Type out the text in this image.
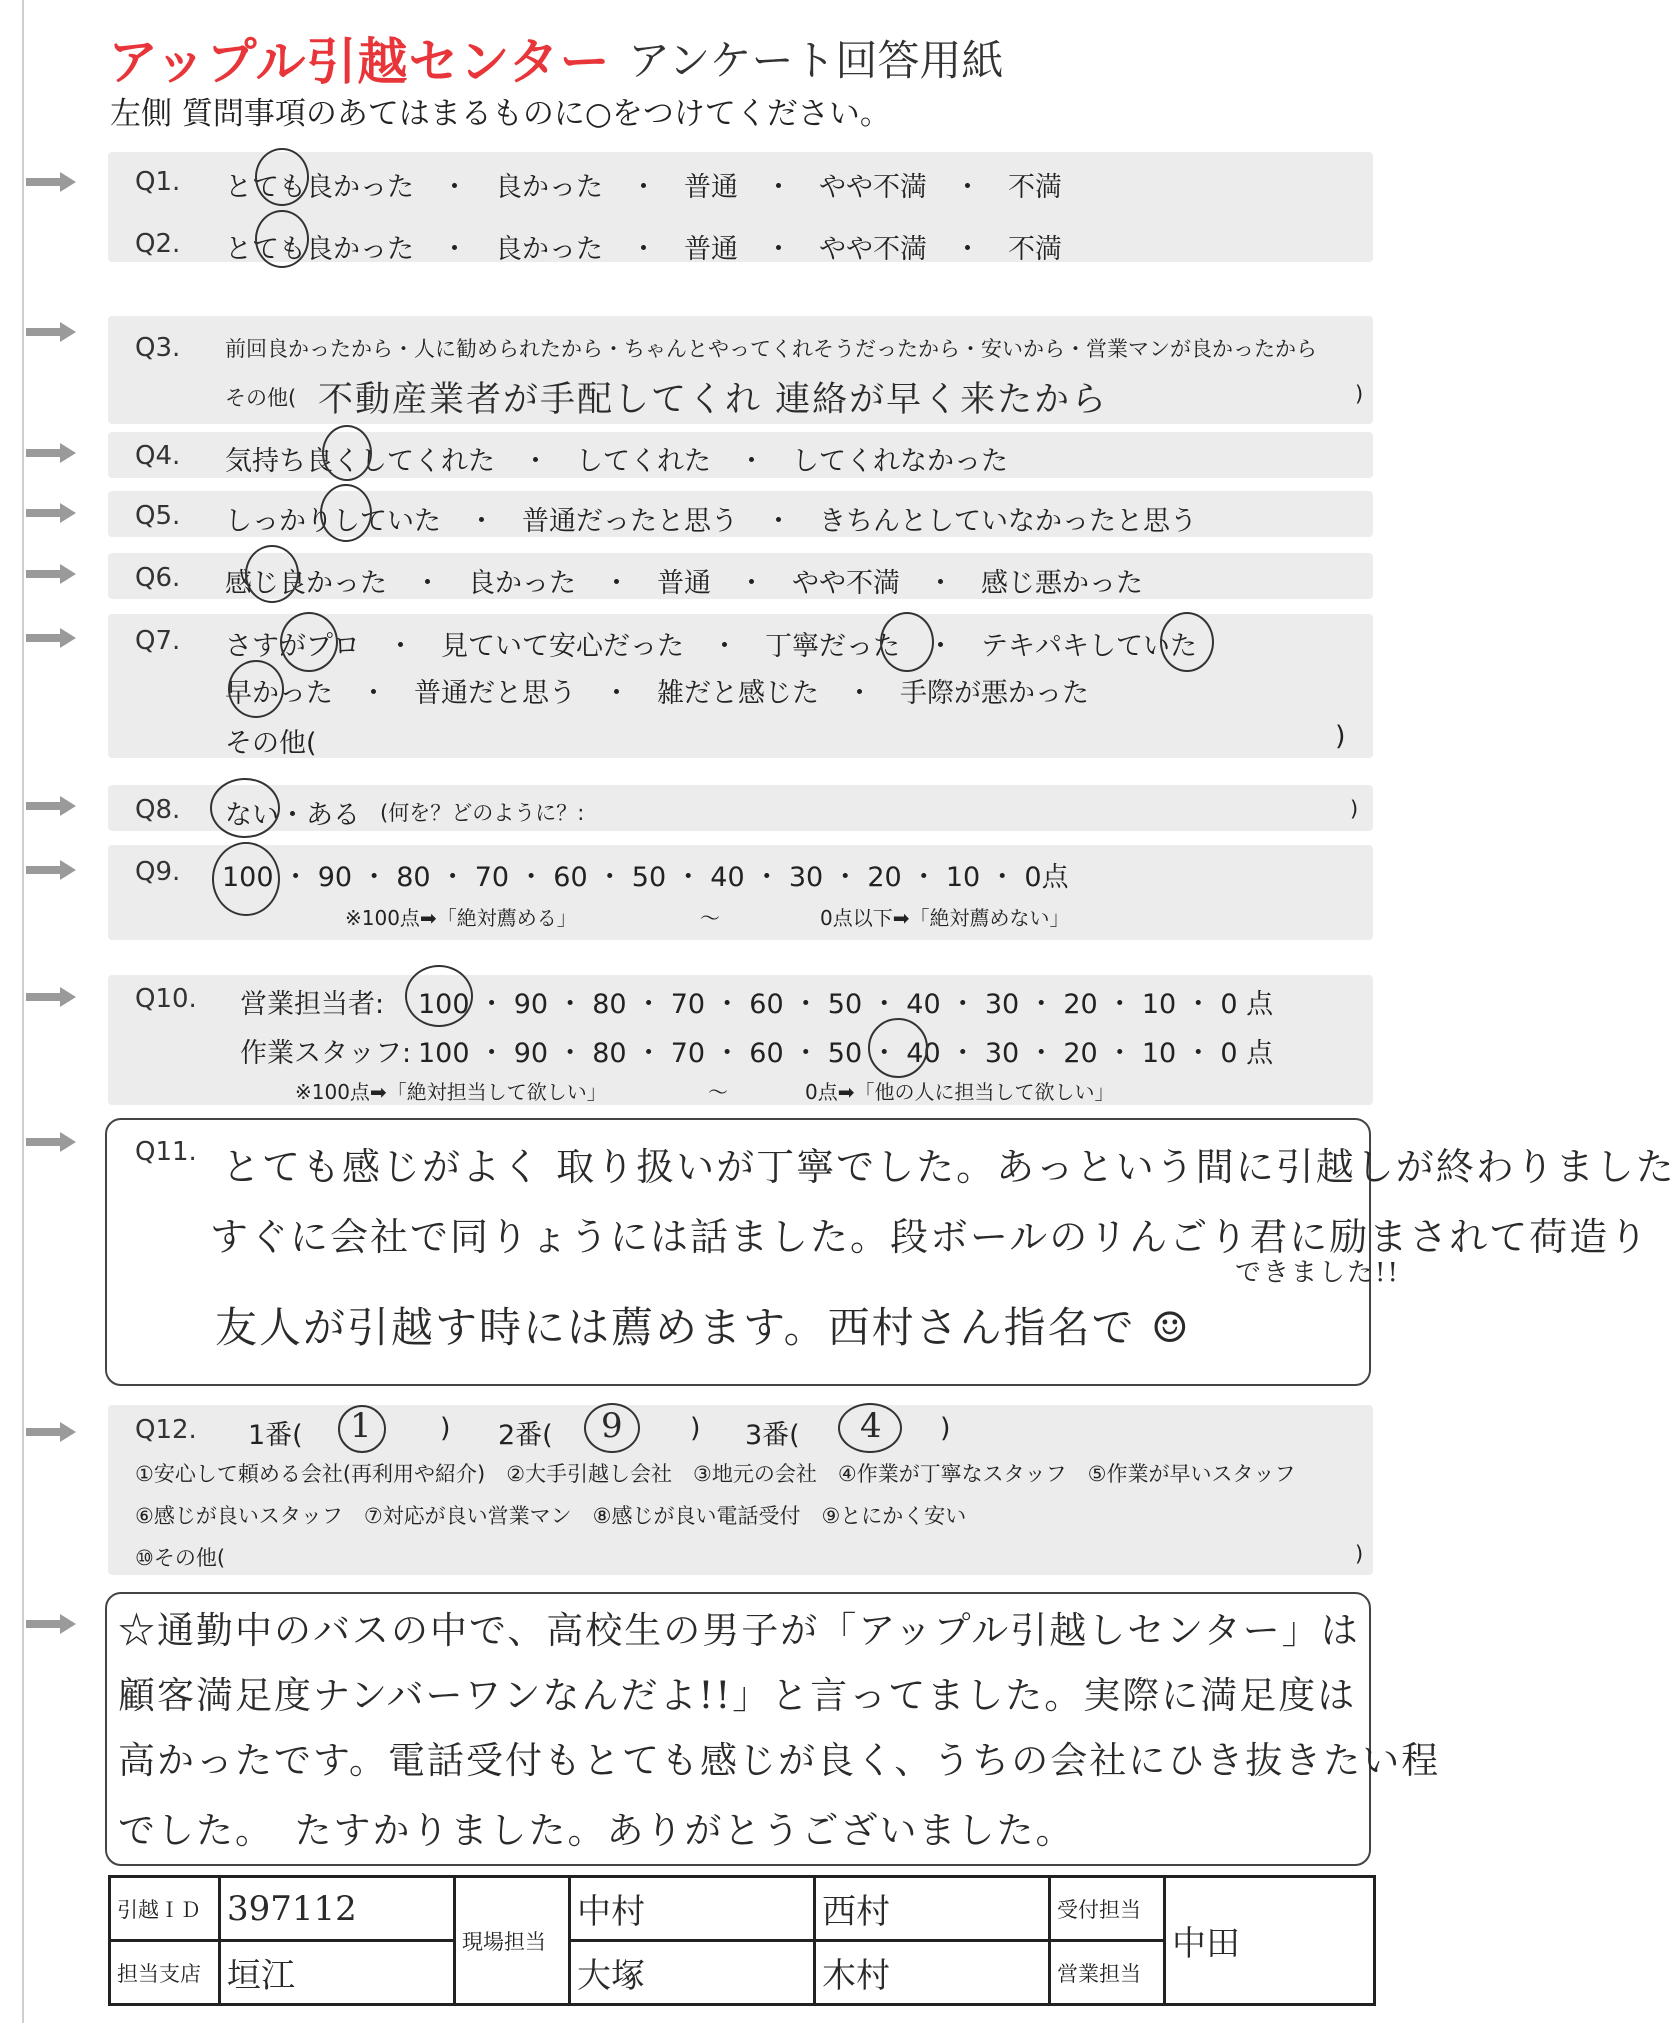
アップル引越センター アンケート回答用紙
左側 質問事項のあてはまるものに○をつけてください。
Q1. とても良かった　・　良かった　・　普通　・　やや不満　・　不満
Q2. とても良かった　・　良かった　・　普通　・　やや不満　・　不満
Q3. 前回良かったから・人に勧められたから・ちゃんとやってくれそうだったから・安いから・営業マンが良かったから
その他( 不動産業者が手配してくれ 連絡が早く来たから	)
Q4. 気持ち良くしてくれた　・　してくれた　・　してくれなかった
Q5. しっかりしていた　・　普通だったと思う　・　きちんとしていなかったと思う
Q6. 感じ良かった　・　良かった　・　普通　・　やや不満　・　感じ悪かった
Q7. さすがプロ　・　見ていて安心だった　・　丁寧だった　・　テキパキしていた
早かった　・　普通だと思う　・　雑だと感じた　・　手際が悪かった
その他(	)
Q8. ない・ある (何を？どのように？:	)
Q9. 100 ・ 90 ・ 80 ・ 70 ・ 60 ・ 50 ・ 40 ・ 30 ・ 20 ・ 10 ・ 0点
※100点➡「絶対薦める」	～	0点以下➡「絶対薦めない」
Q10. 営業担当者: 100 ・ 90 ・ 80 ・ 70 ・ 60 ・ 50 ・ 40 ・ 30 ・ 20 ・ 10 ・ 0 点
作業スタッフ: 100 ・ 90 ・ 80 ・ 70 ・ 60 ・ 50 ・ 40 ・ 30 ・ 20 ・ 10 ・ 0 点
※100点➡「絶対担当して欲しい」	～	0点➡「他の人に担当して欲しい」
Q11. とても感じがよく 取り扱いが丁寧でした。あっという間に引越しが終わりました
すぐに会社で同りょうには話ました。段ボールのリんごり君に励まされて荷造り
できました!!
友人が引越す時には薦めます。西村さん指名で ☺
Q12. 1番( 1 ) 2番( 9 ) 3番( 4 )
①安心して頼める会社(再利用や紹介)　②大手引越し会社　③地元の会社　④作業が丁寧なスタッフ　⑤作業が早いスタッフ
⑥感じが良いスタッフ　⑦対応が良い営業マン　⑧感じが良い電話受付　⑨とにかく安い
⑩その他(	)
☆通勤中のバスの中で、高校生の男子が「アップル引越しセンター」は
顧客満足度ナンバーワンなんだよ!!」と言ってました。実際に満足度は
高かったです。電話受付もとても感じが良く、うちの会社にひき抜きたい程
でした。　たすかりました。ありがとうございました。
引越ＩＤ	397112	現場担当	中村	西村	受付担当	中田
担当支店	垣江		大塚	木村	営業担当	
